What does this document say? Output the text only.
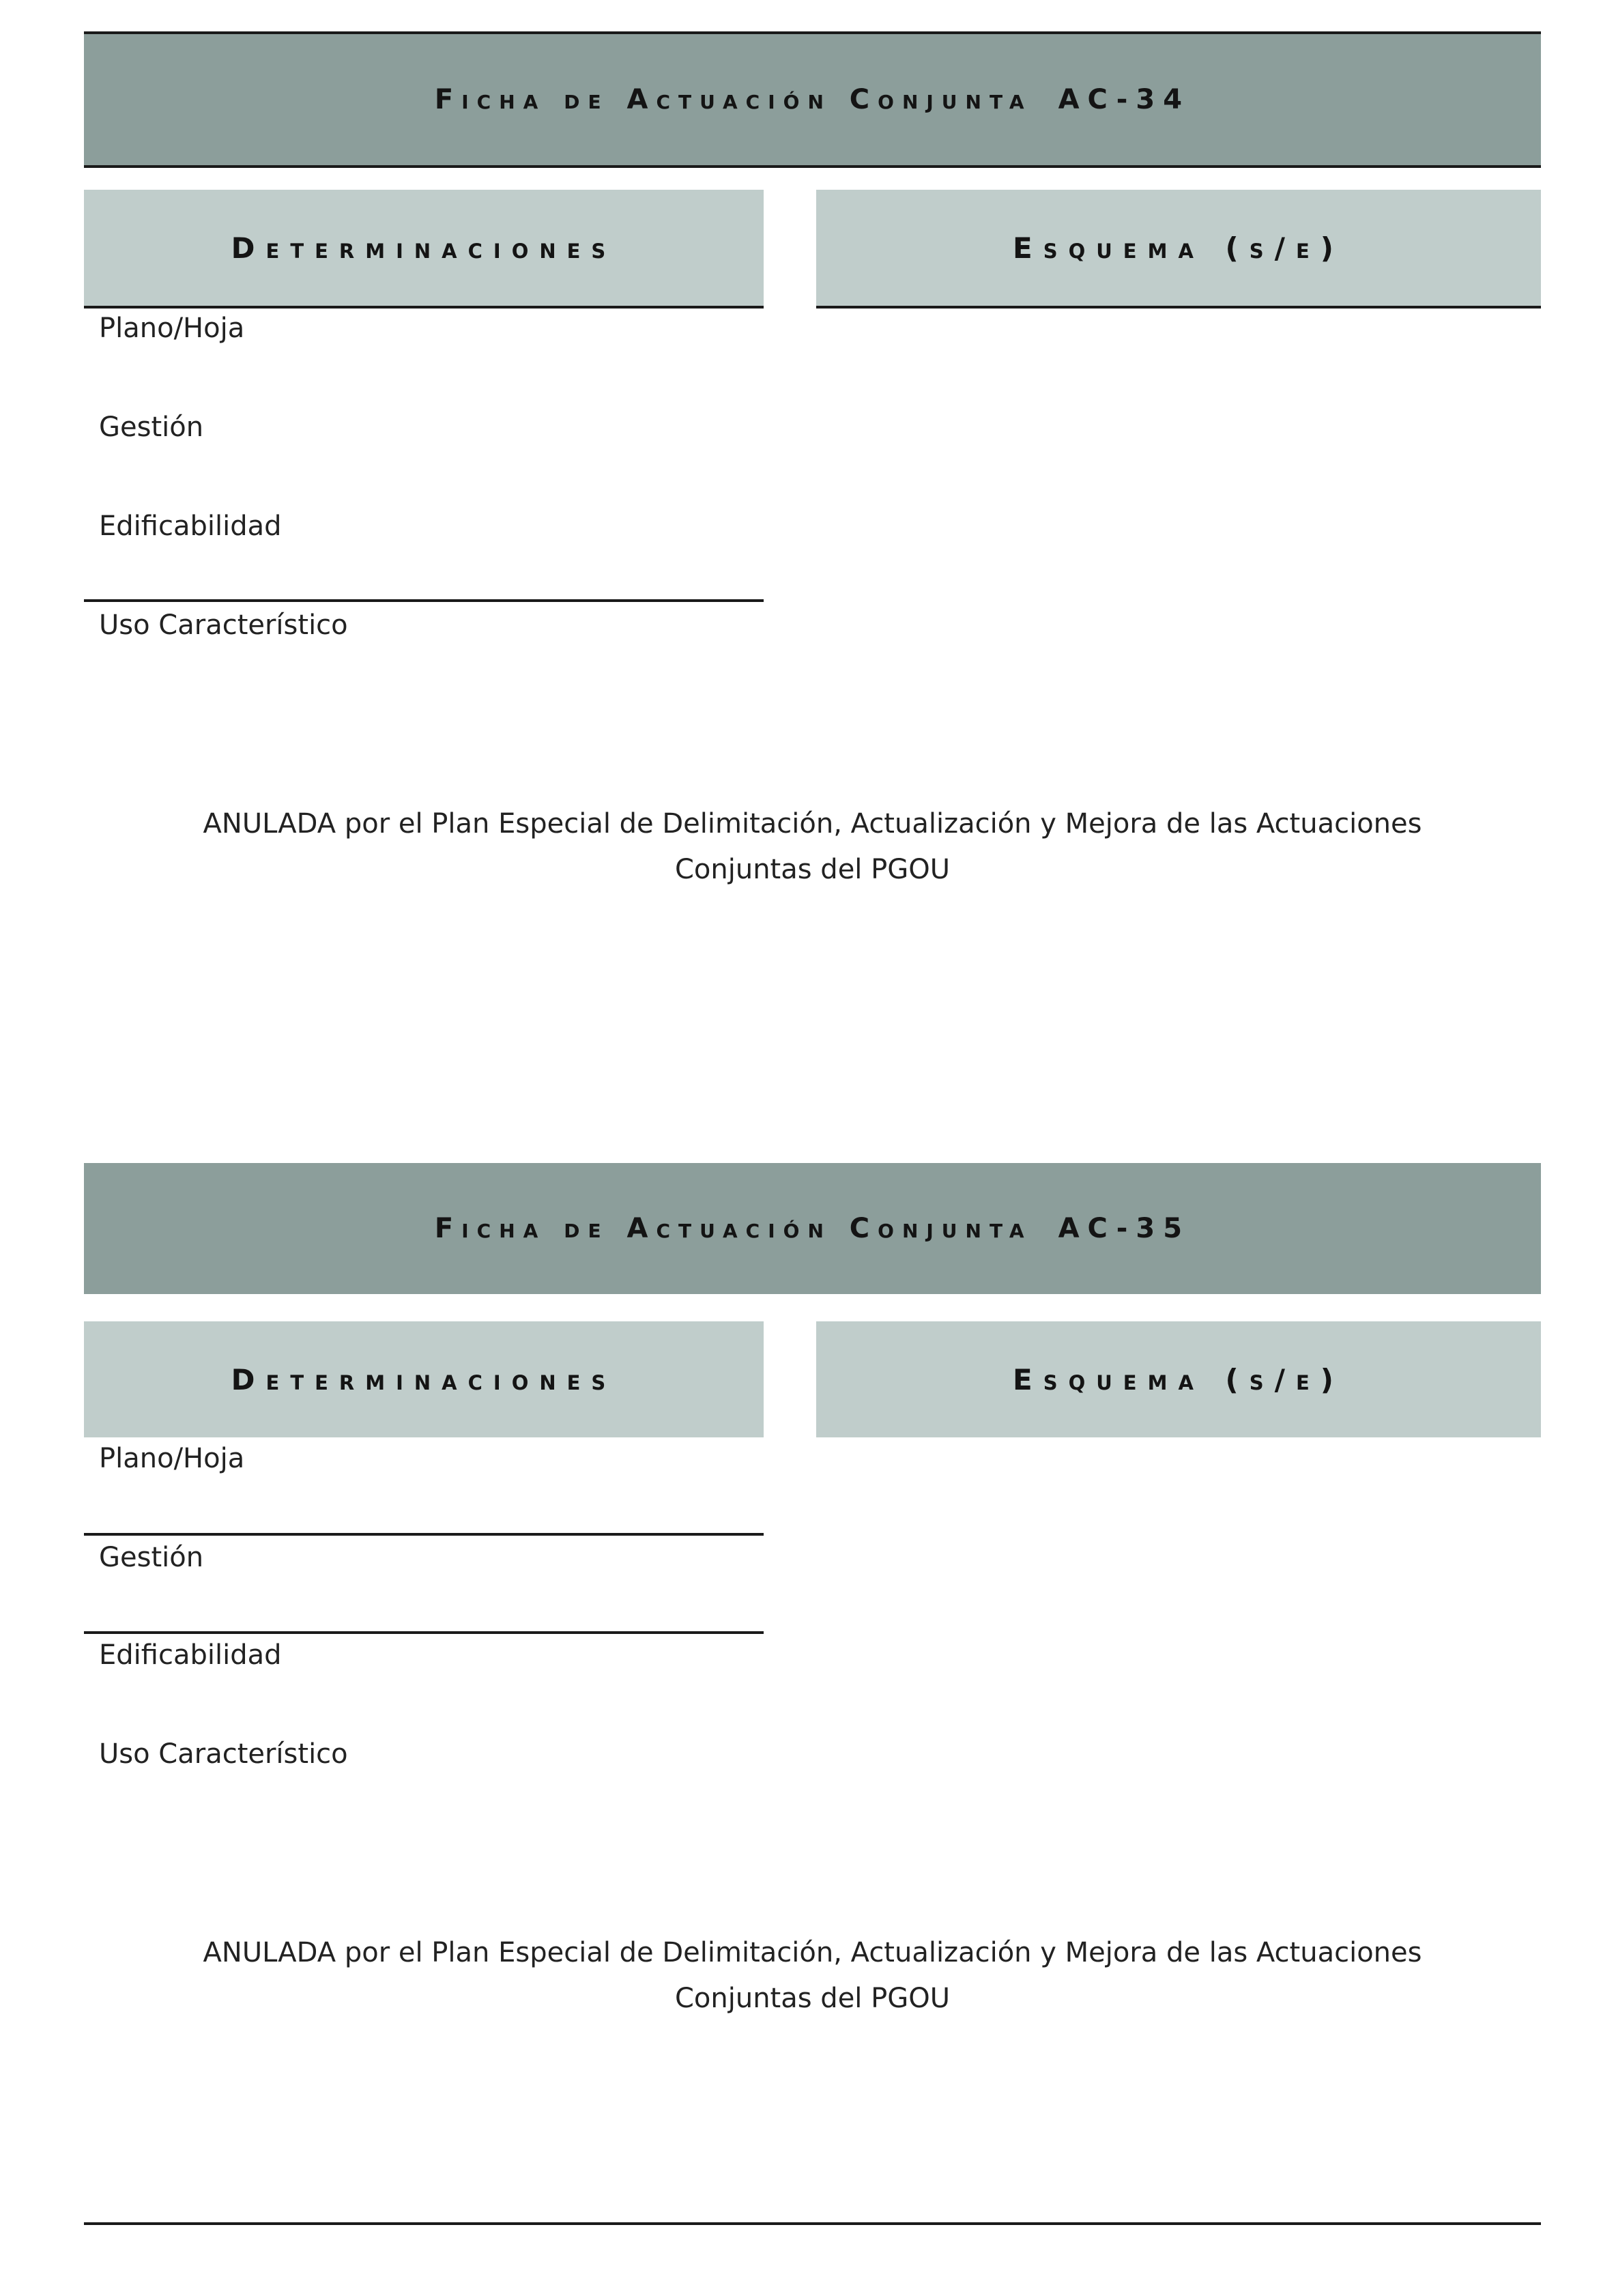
Ficha de Actuación Conjunta AC-34
Determinaciones	Esquema (s/e)
Plano/Hoja
Gestión
Edificabilidad
Uso Característico
ANULADA por el Plan Especial de Delimitación, Actualización y Mejora de las Actuaciones
Conjuntas del PGOU
Ficha de Actuación Conjunta AC-35
Determinaciones	Esquema (s/e)
Plano/Hoja
Gestión
Edificabilidad
Uso Característico
ANULADA por el Plan Especial de Delimitación, Actualización y Mejora de las Actuaciones
Conjuntas del PGOU
